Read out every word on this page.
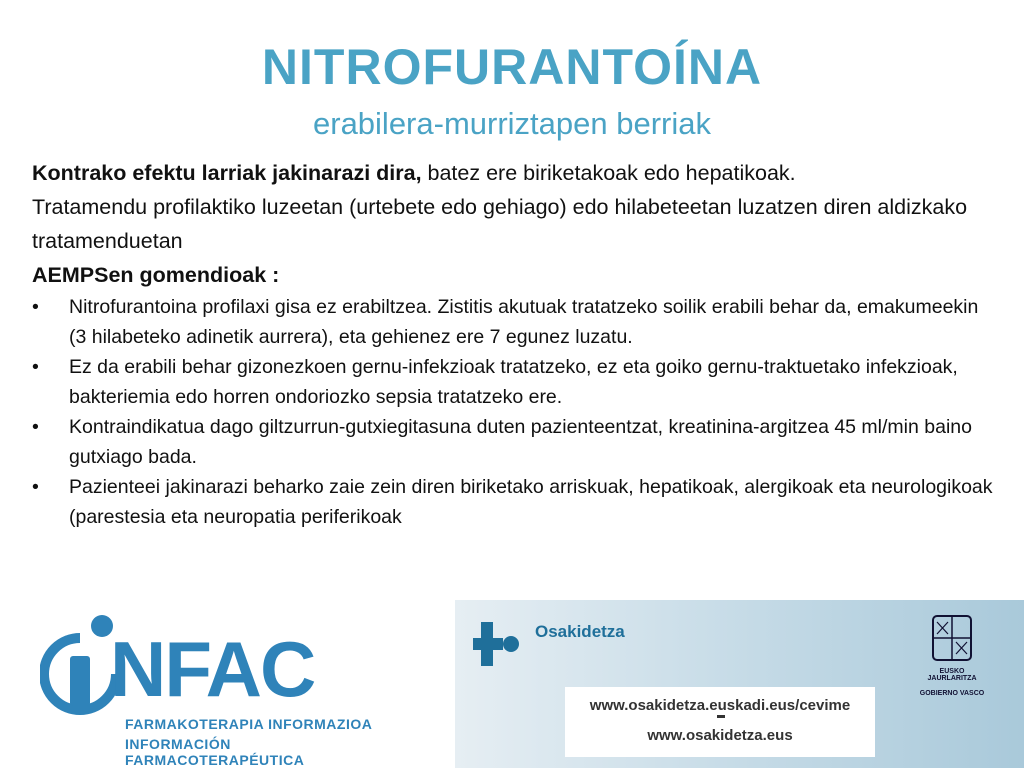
NITROFURANTOÍNA
erabilera-murriztapen berriak

Kontrako efektu larriak jakinarazi dira, batez ere biriketakoak edo hepatikoak.

Tratamendu profilaktiko luzeetan (urtebete edo gehiago) edo hilabeteetan luzatzen diren aldizkako tratamenduetan

AEMPSen gomendioak :

• Nitrofurantoina profilaxi gisa ez erabiltzea. Zistitis akutuak tratatzeko soilik erabili behar da, emakumeekin (3 hilabeteko adinetik aurrera), eta gehienez ere 7 egunez luzatu.
• Ez da erabili behar gizonezkoen gernu-infekzioak tratatzeko, ez eta goiko gernu-traktuetako infekzioak, bakteriemia edo horren ondoriozko sepsia tratatzeko ere.
• Kontraindikatua dago giltzurrun-gutxiegitasuna duten pazienteentzat, kreatinina-argitzea 45 ml/min baino gutxiago bada.
• Pazienteei jakinarazi beharko zaie zein diren biriketako arriskuak, hepatikoak, alergikoak eta neurologikoak (parestesia eta neuropatia periferikoak
NFAC
FARMAKOTERAPIA INFORMAZIOA
INFORMACIÓN FARMACOTERAPÉUTICA
Osakidetza
www.osakidetza.euskadi.eus/cevime
www.osakidetza.eus
EUSKO JAURLARITZA
GOBIERNO VASCO
